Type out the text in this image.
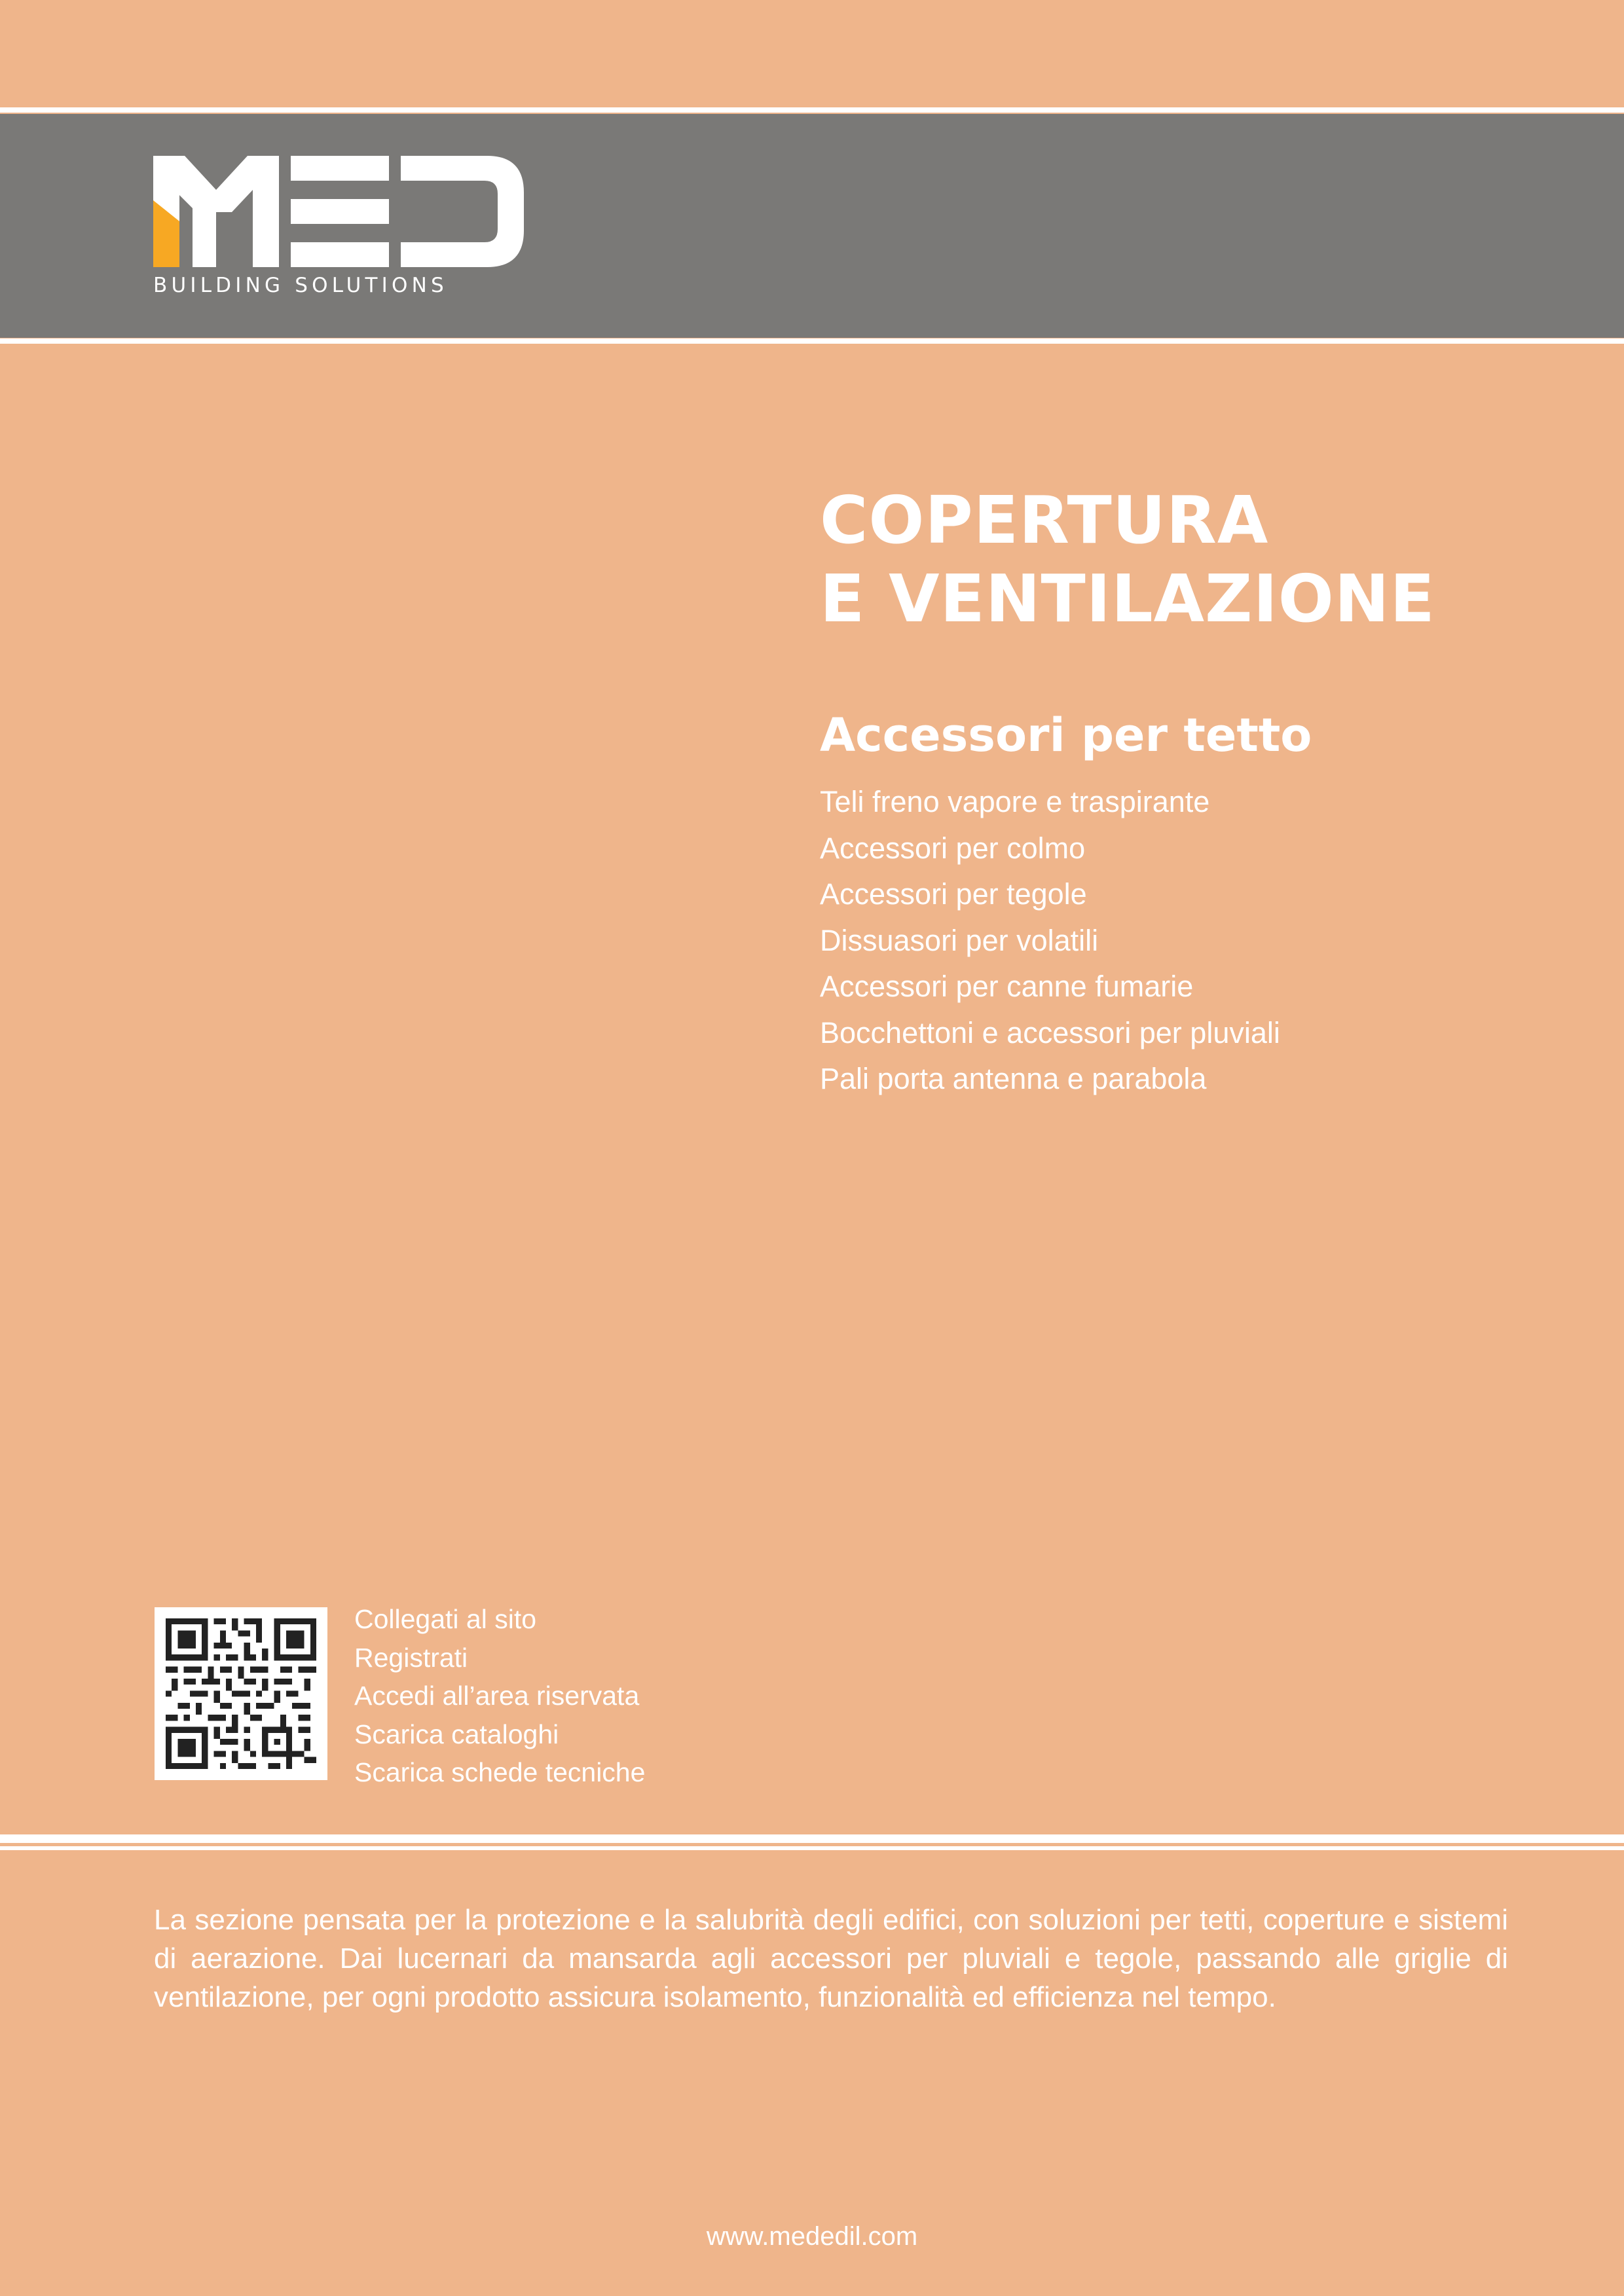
BUILDING SOLUTIONS
COPERTURA
E VENTILAZIONE
Accessori per tetto
Teli freno vapore e traspirante
Accessori per colmo
Accessori per tegole
Dissuasori per volatili
Accessori per canne fumarie
Bocchettoni e accessori per pluviali
Pali porta antenna e parabola
Collegati al sito
Registrati
Accedi all’area riservata
Scarica cataloghi
Scarica schede tecniche

La sezione pensata per la protezione e la salubrità degli edifici, con soluzioni per tetti, coperture e sistemi di aerazione. Dai lucernari da mansarda agli accessori per pluviali e tegole, passando alle griglie di ventilazione, per ogni prodotto assicura isolamento, funzionalità ed efficienza nel tempo.

www.mededil.com
